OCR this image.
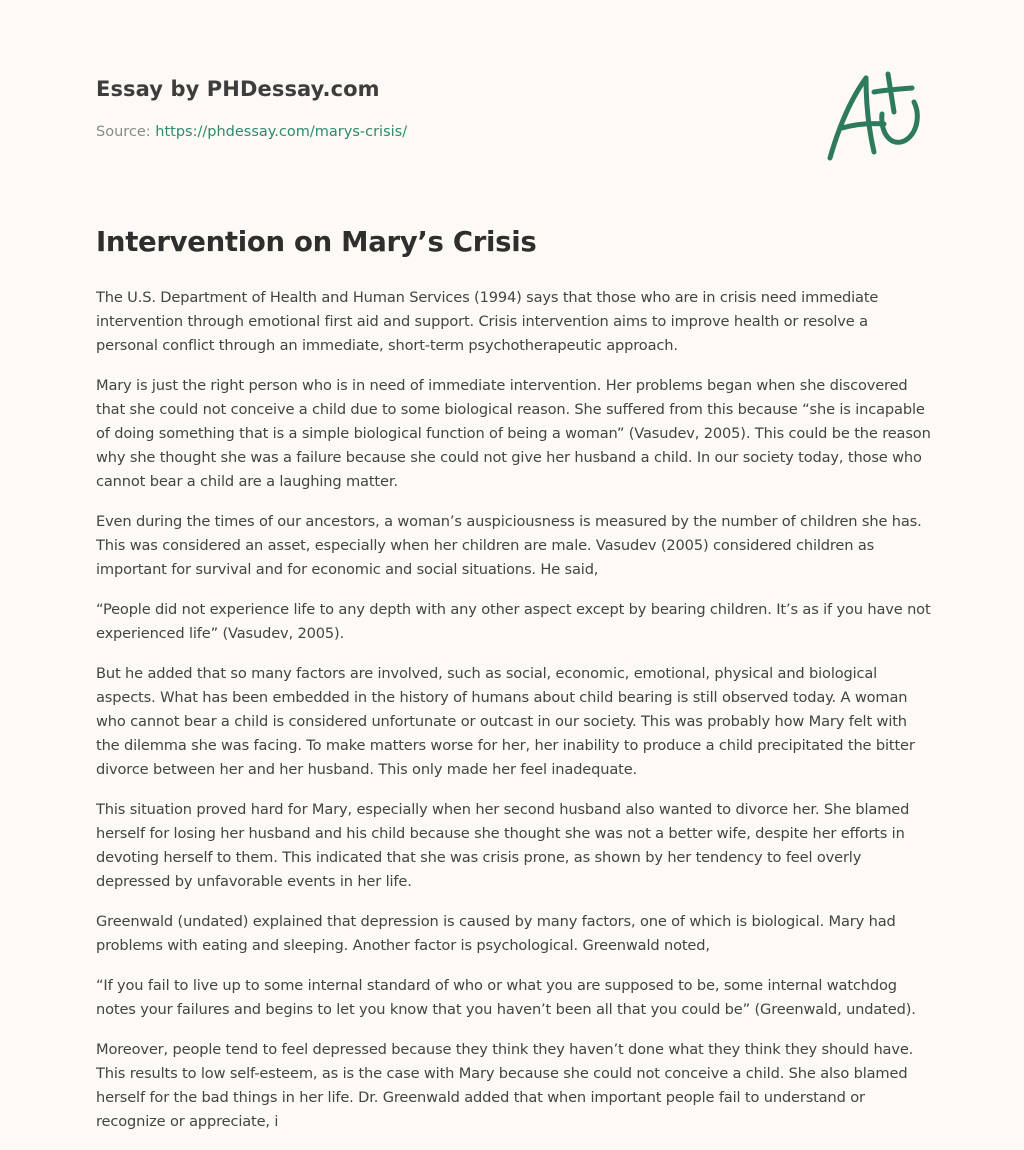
Essay by PHDessay.com
Source: https://phdessay.com/marys-crisis/
Intervention on Mary’s Crisis

The U.S. Department of Health and Human Services (1994) says that those who are in crisis need immediate intervention through emotional first aid and support. Crisis intervention aims to improve health or resolve a personal conflict through an immediate, short-term psychotherapeutic approach.

Mary is just the right person who is in need of immediate intervention. Her problems began when she discovered that she could not conceive a child due to some biological reason. She suffered from this because “she is incapable of doing something that is a simple biological function of being a woman” (Vasudev, 2005). This could be the reason why she thought she was a failure because she could not give her husband a child. In our society today, those who cannot bear a child are a laughing matter.

Even during the times of our ancestors, a woman’s auspiciousness is measured by the number of children she has. This was considered an asset, especially when her children are male. Vasudev (2005) considered children as important for survival and for economic and social situations. He said,

“People did not experience life to any depth with any other aspect except by bearing children. It’s as if you have not experienced life” (Vasudev, 2005).

But he added that so many factors are involved, such as social, economic, emotional, physical and biological aspects. What has been embedded in the history of humans about child bearing is still observed today. A woman who cannot bear a child is considered unfortunate or outcast in our society. This was probably how Mary felt with the dilemma she was facing. To make matters worse for her, her inability to produce a child precipitated the bitter divorce between her and her husband. This only made her feel inadequate.

This situation proved hard for Mary, especially when her second husband also wanted to divorce her. She blamed herself for losing her husband and his child because she thought she was not a better wife, despite her efforts in devoting herself to them. This indicated that she was crisis prone, as shown by her tendency to feel overly depressed by unfavorable events in her life.

Greenwald (undated) explained that depression is caused by many factors, one of which is biological. Mary had problems with eating and sleeping. Another factor is psychological. Greenwald noted,

“If you fail to live up to some internal standard of who or what you are supposed to be, some internal watchdog notes your failures and begins to let you know that you haven’t been all that you could be” (Greenwald, undated).

Moreover, people tend to feel depressed because they think they haven’t done what they think they should have. This results to low self-esteem, as is the case with Mary because she could not conceive a child. She also blamed herself for the bad things in her life. Dr. Greenwald added that when important people fail to understand or recognize or appreciate, i
